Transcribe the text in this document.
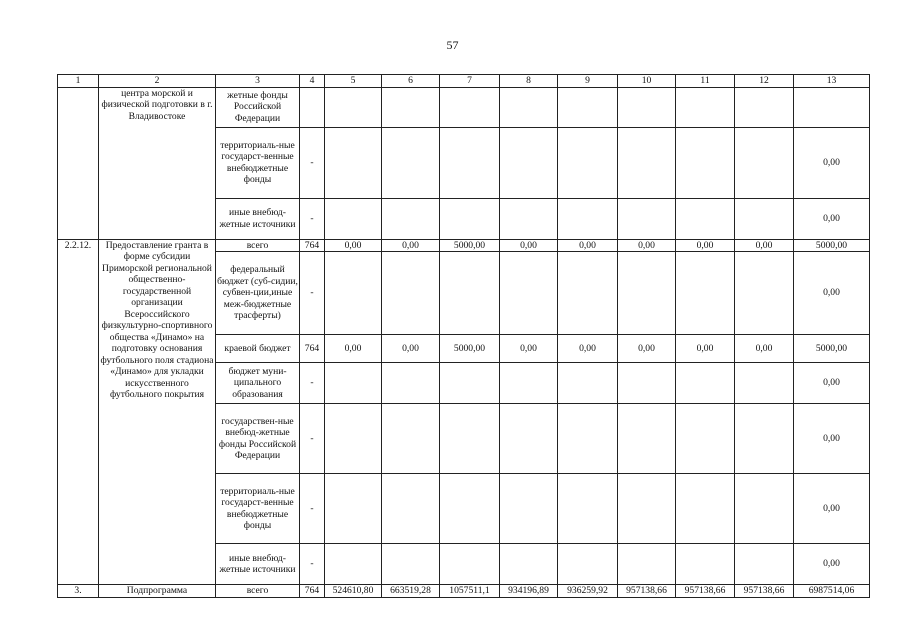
57
1	2	3	4	5	6	7	8	9	10	11	12	13
	центра морской и физической подготовки в г. Владивостоке	жетные фонды Российской Федерации										
		территориаль-ные государст-венные внебюджетные фонды	-									0,00
		иные внебюд-жетные источники	-									0,00
2.2.12.	Предоставление гранта в форме субсидии Приморской региональной общественно-государственной организации Всероссийского физкультурно-спортивного общества «Динамо» на подготовку основания футбольного поля стадиона «Динамо» для укладки искусственного футбольного покрытия	всего	764	0,00	0,00	5000,00	0,00	0,00	0,00	0,00	0,00	5000,00
		федеральный бюджет (суб-сидии, субвен-ции,иные меж-бюджетные трасферты)	-									0,00
		краевой бюджет	764	0,00	0,00	5000,00	0,00	0,00	0,00	0,00	0,00	5000,00
		бюджет муни-ципального образования	-									0,00
		государствен-ные внебюд-жетные фонды Российской Федерации	-									0,00
		территориаль-ные государст-венные внебюджетные фонды	-									0,00
		иные внебюд-жетные источники	-									0,00
3.	Подпрограмма	всего	764	524610,80	663519,28	1057511,1	934196,89	936259,92	957138,66	957138,66	957138,66	6987514,06
